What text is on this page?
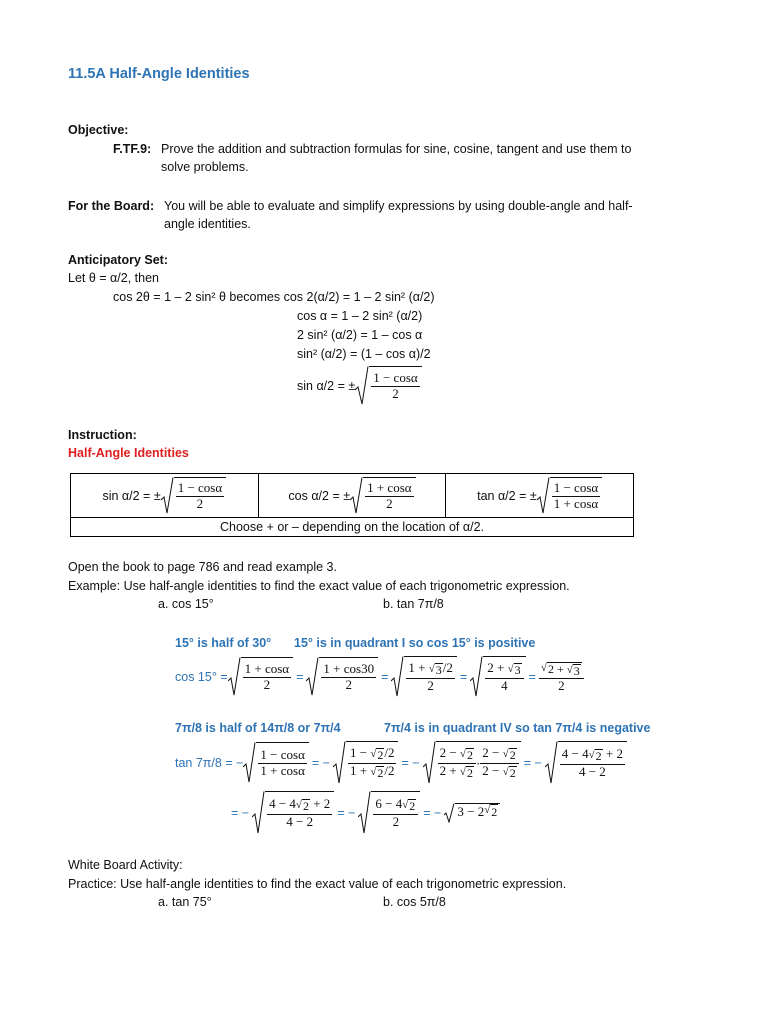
11.5A Half-Angle Identities
Objective:
F.TF.9: Prove the addition and subtraction formulas for sine, cosine, tangent and use them to
solve problems.
For the Board: You will be able to evaluate and simplify expressions by using double-angle and half-
angle identities.
Anticipatory Set:
Let θ = α/2, then
cos 2θ = 1 – 2 sin² θ becomes cos 2(α/2) = 1 – 2 sin² (α/2)
cos α = 1 – 2 sin² (α/2)
2 sin² (α/2) = 1 – cos α
sin² (α/2) = (1 – cos α)/2
sin α/2 = ± $\frac{1 - \cos\alpha}{2}$
Instruction:
Half-Angle Identities
sin α/2 = ± $\frac{1 - \cos\alpha}{2}$	cos α/2 = ± $\frac{1 + \cos\alpha}{2}$	tan α/2 = ± $\frac{1 - \cos\alpha}{1 + \cos\alpha}$

Choose + or – depending on the location of α/2.
Open the book to page 786 and read example 3.
Example: Use half-angle identities to find the exact value of each trigonometric expression.
a. cos 15°	b. tan 7π/8
15° is half of 30° 15° is in quadrant I so cos 15° is positive
$\cos 15^\circ = \frac{1 + \cos\alpha}{2} = \frac{1 + \cos 30}{2} = \frac{1 + √ 3 /2}{2} = \frac{2 + √ 3}{4} = \frac{√ 2 + √ 3}{2}$
7π/8 is half of 14π/8 or 7π/4	7π/4 is in quadrant IV so tan 7π/4 is negative
tan 7π/8 = − $\frac{1 - \cos\alpha}{1 + \cos\alpha}$ = − $\frac{1 - √ 2 /2}{1 + √ 2 /2}$ = − $\frac{2 - √ 2}{2 + √ 2} \cdot \frac{2 - √ 2}{2 - √ 2}$ = − $\frac{4 - 4 √ 2 + 2}{4 - 2}$
= − $\frac{4 - 4 √ 2 + 2}{4 - 2}$ = − $\frac{6 - 4 √ 2}{2}$ = − 3 − 2 √ 2
White Board Activity:
Practice: Use half-angle identities to find the exact value of each trigonometric expression.
a. tan 75°	b. cos 5π/8
